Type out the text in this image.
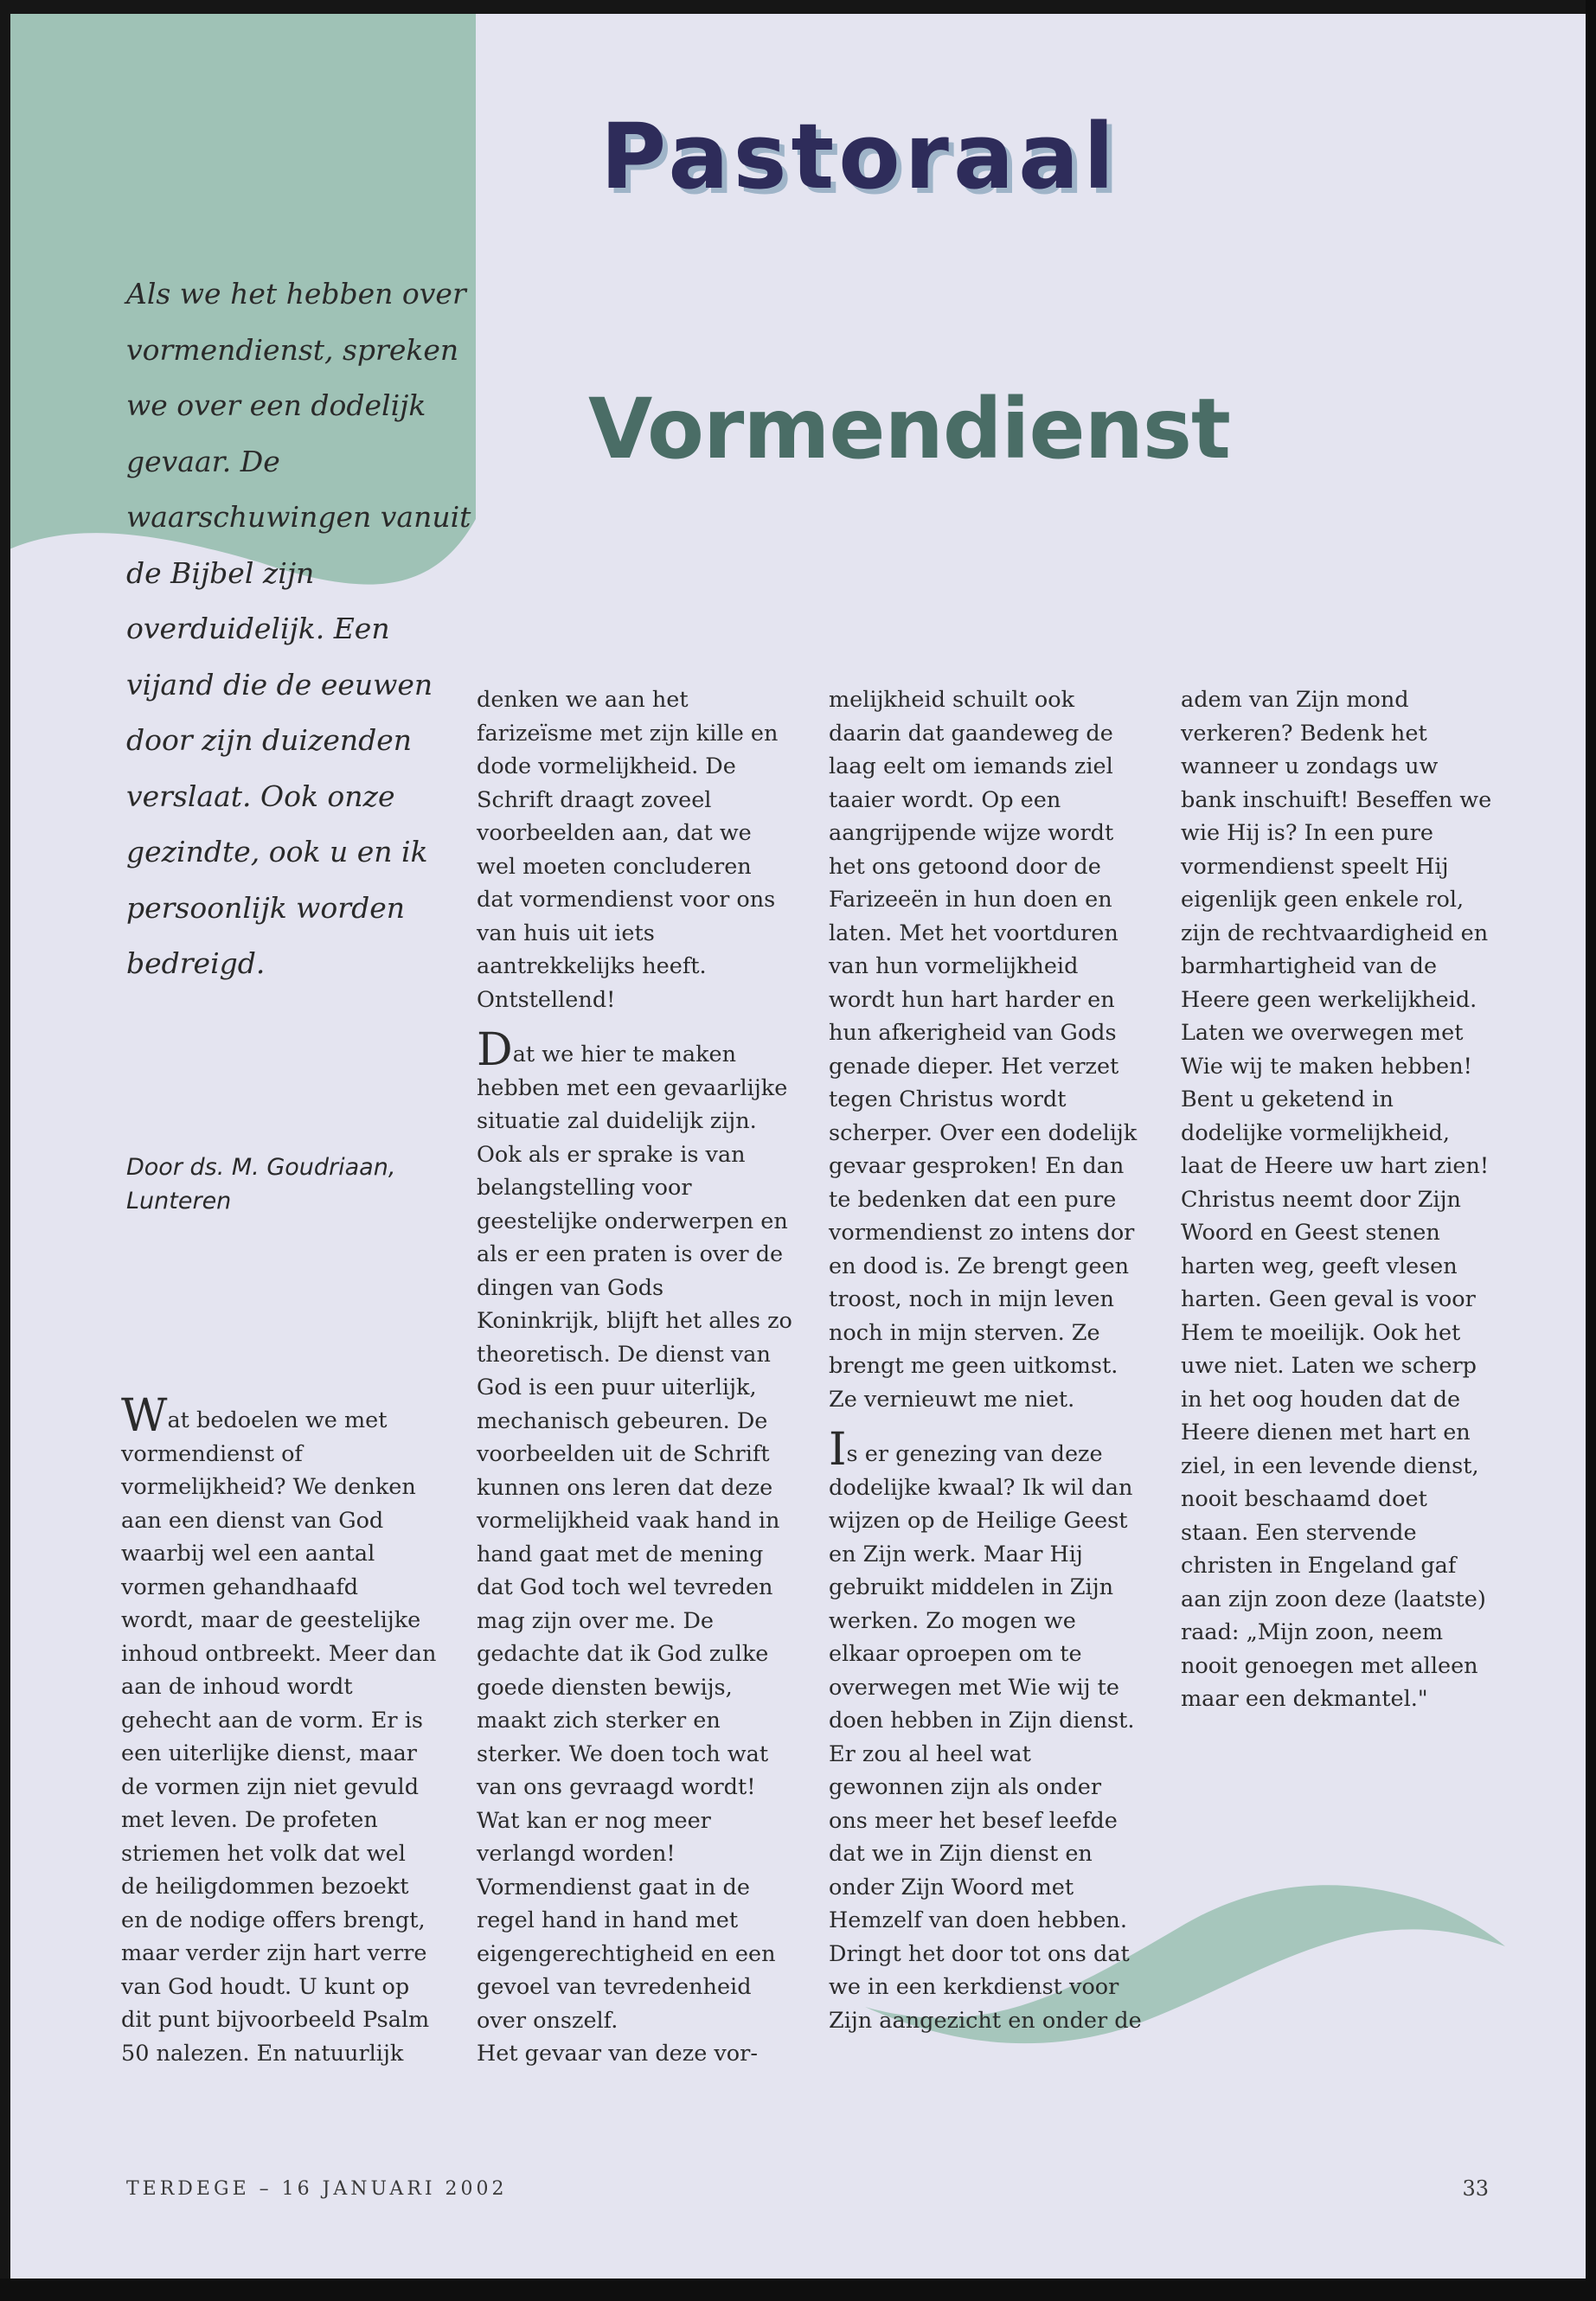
Pastoraal
Vormendienst

Als we het hebben over vormendienst, spreken we over een dodelijk gevaar. De waarschuwingen vanuit de Bijbel zijn overduidelijk. Een vijand die de eeuwen door zijn duizenden verslaat. Ook onze gezindte, ook u en ik persoonlijk worden bedreigd.

Door ds. M. Goudriaan,
Lunteren

Wat bedoelen we met vormendienst of vormelijkheid? We denken aan een dienst van God waarbij wel een aantal vormen gehandhaafd wordt, maar de geestelijke inhoud ontbreekt. Meer dan aan de inhoud wordt gehecht aan de vorm. Er is een uiterlijke dienst, maar de vormen zijn niet gevuld met leven. De profeten striemen het volk dat wel de heiligdommen bezoekt en de nodige offers brengt, maar verder zijn hart verre van God houdt. U kunt op dit punt bijvoorbeeld Psalm 50 nalezen. En natuurlijk

denken we aan het farizeïsme met zijn kille en dode vormelijkheid. De Schrift draagt zoveel voorbeelden aan, dat we wel moeten concluderen dat vormendienst voor ons van huis uit iets aantrekkelijks heeft. Ontstellend!

Dat we hier te maken hebben met een gevaarlijke situatie zal duidelijk zijn. Ook als er sprake is van belangstelling voor geestelijke onderwerpen en als er een praten is over de dingen van Gods Koninkrijk, blijft het alles zo theoretisch. De dienst van God is een puur uiterlijk, mechanisch gebeuren. De voorbeelden uit de Schrift kunnen ons leren dat deze vormelijkheid vaak hand in hand gaat met de mening dat God toch wel tevreden mag zijn over me. De gedachte dat ik God zulke goede diensten bewijs, maakt zich sterker en sterker. We doen toch wat van ons gevraagd wordt! Wat kan er nog meer verlangd worden! Vormendienst gaat in de regel hand in hand met eigengerechtigheid en een gevoel van tevredenheid over onszelf.

Het gevaar van deze vor-

melijkheid schuilt ook daarin dat gaandeweg de laag eelt om iemands ziel taaier wordt. Op een aangrijpende wijze wordt het ons getoond door de Farizeeën in hun doen en laten. Met het voortduren van hun vormelijkheid wordt hun hart harder en hun afkerigheid van Gods genade dieper. Het verzet tegen Christus wordt scherper. Over een dodelijk gevaar gesproken! En dan te bedenken dat een pure vormendienst zo intens dor en dood is. Ze brengt geen troost, noch in mijn leven noch in mijn sterven. Ze brengt me geen uitkomst. Ze vernieuwt me niet.

Is er genezing van deze dodelijke kwaal? Ik wil dan wijzen op de Heilige Geest en Zijn werk. Maar Hij gebruikt middelen in Zijn werken. Zo mogen we elkaar oproepen om te overwegen met Wie wij te doen hebben in Zijn dienst. Er zou al heel wat gewonnen zijn als onder ons meer het besef leefde dat we in Zijn dienst en onder Zijn Woord met Hemzelf van doen hebben. Dringt het door tot ons dat we in een kerkdienst voor Zijn aangezicht en onder de

adem van Zijn mond verkeren? Bedenk het wanneer u zondags uw bank inschuift! Beseffen we wie Hij is? In een pure vormendienst speelt Hij eigenlijk geen enkele rol, zijn de rechtvaardigheid en barmhartigheid van de Heere geen werkelijkheid. Laten we overwegen met Wie wij te maken hebben!

Bent u geketend in dodelijke vormelijkheid, laat de Heere uw hart zien! Christus neemt door Zijn Woord en Geest stenen harten weg, geeft vlesen harten. Geen geval is voor Hem te moeilijk. Ook het uwe niet. Laten we scherp in het oog houden dat de Heere dienen met hart en ziel, in een levende dienst, nooit beschaamd doet staan. Een stervende christen in Engeland gaf aan zijn zoon deze (laatste) raad: „Mijn zoon, neem nooit genoegen met alleen maar een dekmantel."

TERDEGE – 16 JANUARI 2002	33
